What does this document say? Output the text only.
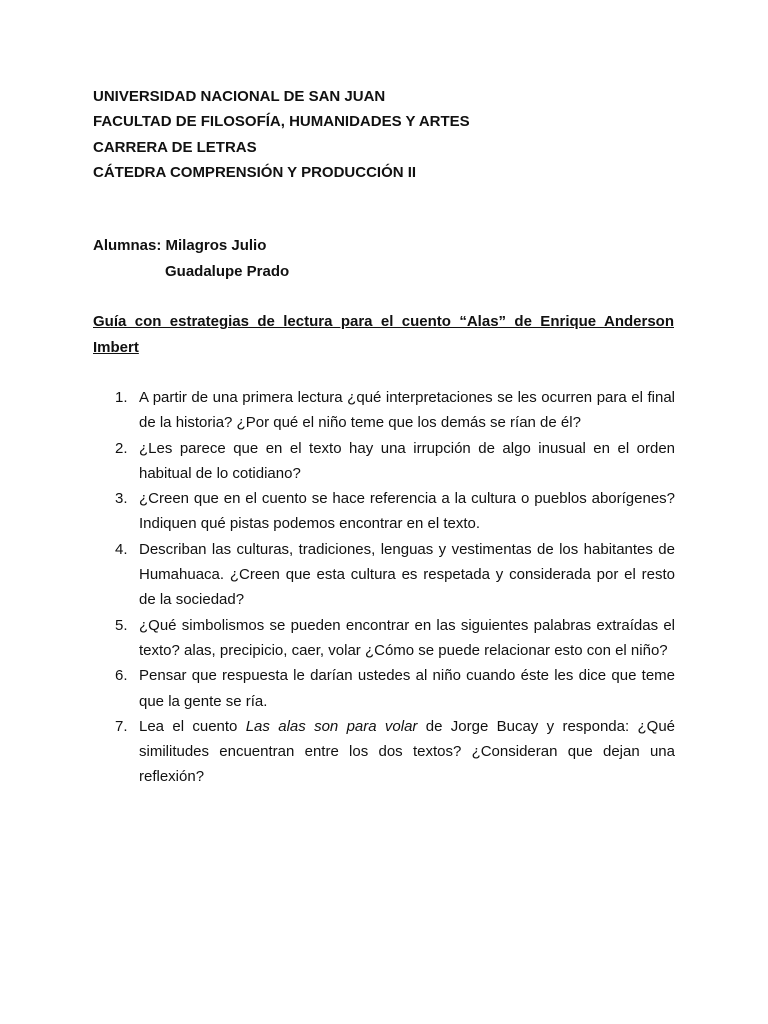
UNIVERSIDAD NACIONAL DE SAN JUAN
FACULTAD DE FILOSOFÍA, HUMANIDADES Y ARTES
CARRERA DE LETRAS
CÁTEDRA COMPRENSIÓN Y PRODUCCIÓN II
Alumnas: Milagros Julio
Guadalupe Prado
Guía con estrategias de lectura para el cuento “Alas” de Enrique Anderson Imbert
1. A partir de una primera lectura ¿qué interpretaciones se les ocurren para el final de la historia? ¿Por qué el niño teme que los demás se rían de él?
2. ¿Les parece que en el texto hay una irrupción de algo inusual en el orden habitual de lo cotidiano?
3. ¿Creen que en el cuento se hace referencia a la cultura o pueblos aborígenes?Indiquen qué pistas podemos encontrar en el texto.
4. Describan las culturas, tradiciones, lenguas y vestimentas de los habitantes de Humahuaca. ¿Creen que esta cultura es respetada y considerada por el resto de la sociedad?
5. ¿Qué simbolismos se pueden encontrar en las siguientes palabras extraídas el texto? alas, precipicio, caer, volar ¿Cómo se puede relacionar esto con el niño?
6. Pensar que respuesta le darían ustedes al niño cuando éste les dice que teme que la gente se ría.
7. Lea el cuento Las alas son para volar de Jorge Bucay y responda: ¿Qué similitudes encuentran entre los dos textos? ¿Consideran que dejan una reflexión?
